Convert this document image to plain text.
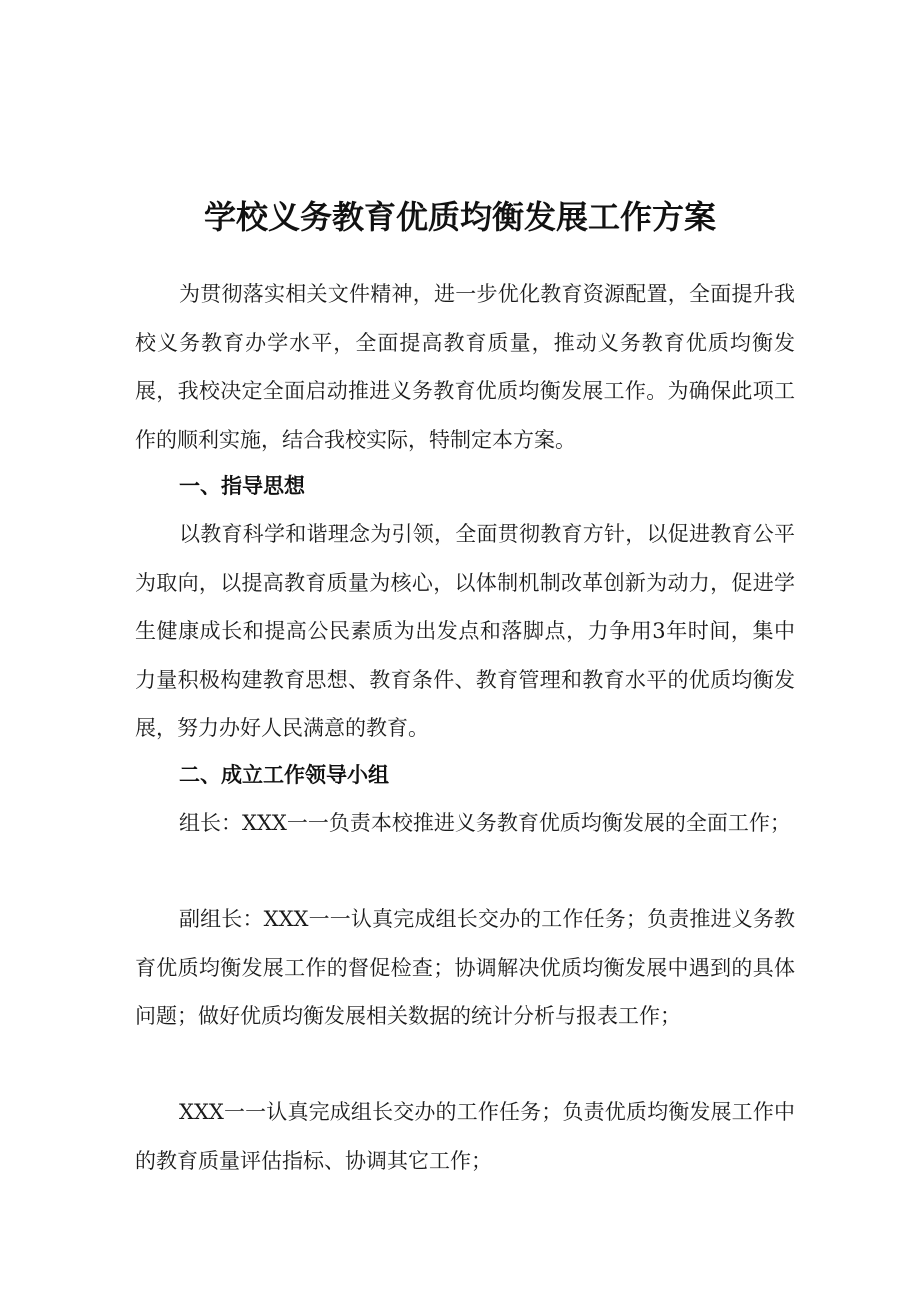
学校义务教育优质均衡发展工作方案

为贯彻落实相关文件精神，进一步优化教育资源配置，全面提升我校义务教育办学水平，全面提高教育质量，推动义务教育优质均衡发展，我校决定全面启动推进义务教育优质均衡发展工作。为确保此项工作的顺利实施，结合我校实际，特制定本方案。

一、指导思想

以教育科学和谐理念为引领，全面贯彻教育方针，以促进教育公平为取向，以提高教育质量为核心，以体制机制改革创新为动力，促进学生健康成长和提高公民素质为出发点和落脚点，力争用3年时间，集中力量积极构建教育思想、教育条件、教育管理和教育水平的优质均衡发展，努力办好人民满意的教育。

二、成立工作领导小组

组长：XXX一一负责本校推进义务教育优质均衡发展的全面工作；

副组长：XXX一一认真完成组长交办的工作任务；负责推进义务教育优质均衡发展工作的督促检查；协调解决优质均衡发展中遇到的具体问题；做好优质均衡发展相关数据的统计分析与报表工作；

XXX一一认真完成组长交办的工作任务；负责优质均衡发展工作中的教育质量评估指标、协调其它工作；
